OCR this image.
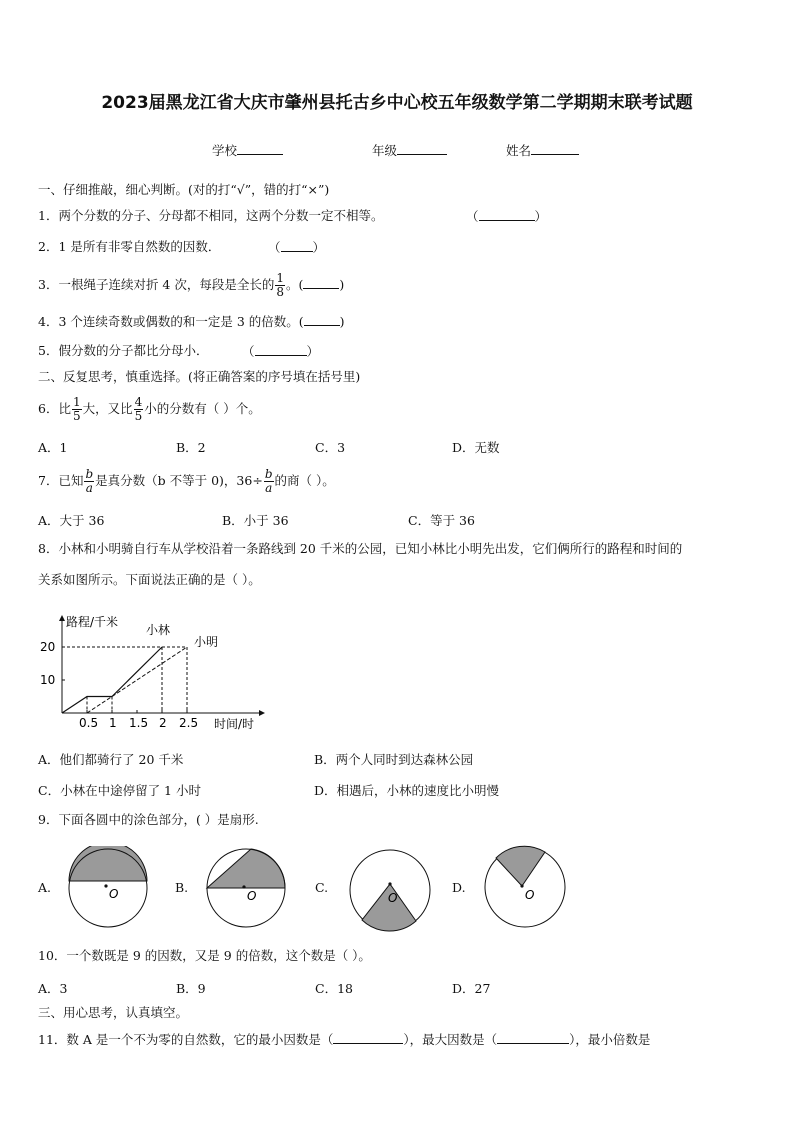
2023届黑龙江省大庆市肇州县托古乡中心校五年级数学第二学期期末联考试题
学校	年级	姓名
一、仔细推敲，细心判断。(对的打“√”，错的打“×”)
1．两个分数的分子、分母都不相同，这两个分数一定不相等。	（	）
2．1 是所有非零自然数的因数．	（	）
3．一根绳子连续对折 4 次，每段是全长的 $\frac{1}{8}$ 。(	)
4．3 个连续奇数或偶数的和一定是 3 的倍数。(	)
5．假分数的分子都比分母小．	（	）
二、反复思考，慎重选择。(将正确答案的序号填在括号里)
6．比 $\frac{1}{5}$ 大，又比 $\frac{4}{5}$ 小的分数有（ ）个。
A．1	B．2	C．3	D．无数
7．已知 $\frac{b}{a}$ 是真分数（b 不等于 0)，$36\div \frac{b}{a}$ 的商（ ）。
A．大于 36	B．小于 36	C．等于 36
8．小林和小明骑自行车从学校沿着一条路线到 20 千米的公园，已知小林比小明先出发，它们俩所行的路程和时间的
关系如图所示。下面说法正确的是（ ）。
路程/千米
时间/时
0.5 1 1.5 2 2.5
10
20
小林
小明
A．他们都骑行了 20 千米	B．两个人同时到达森林公园
C．小林在中途停留了 1 小时	D．相遇后，小林的速度比小明慢
9．下面各圆中的涂色部分，( ）是扇形.
A.	B.	C.	D.
O	O	O	O
10．一个数既是 9 的因数，又是 9 的倍数，这个数是（ ）。
A．3	B．9	C．18	D．27
三、用心思考，认真填空。
11．数 A 是一个不为零的自然数，它的最小因数是（	），最大因数是（	），最小倍数是
